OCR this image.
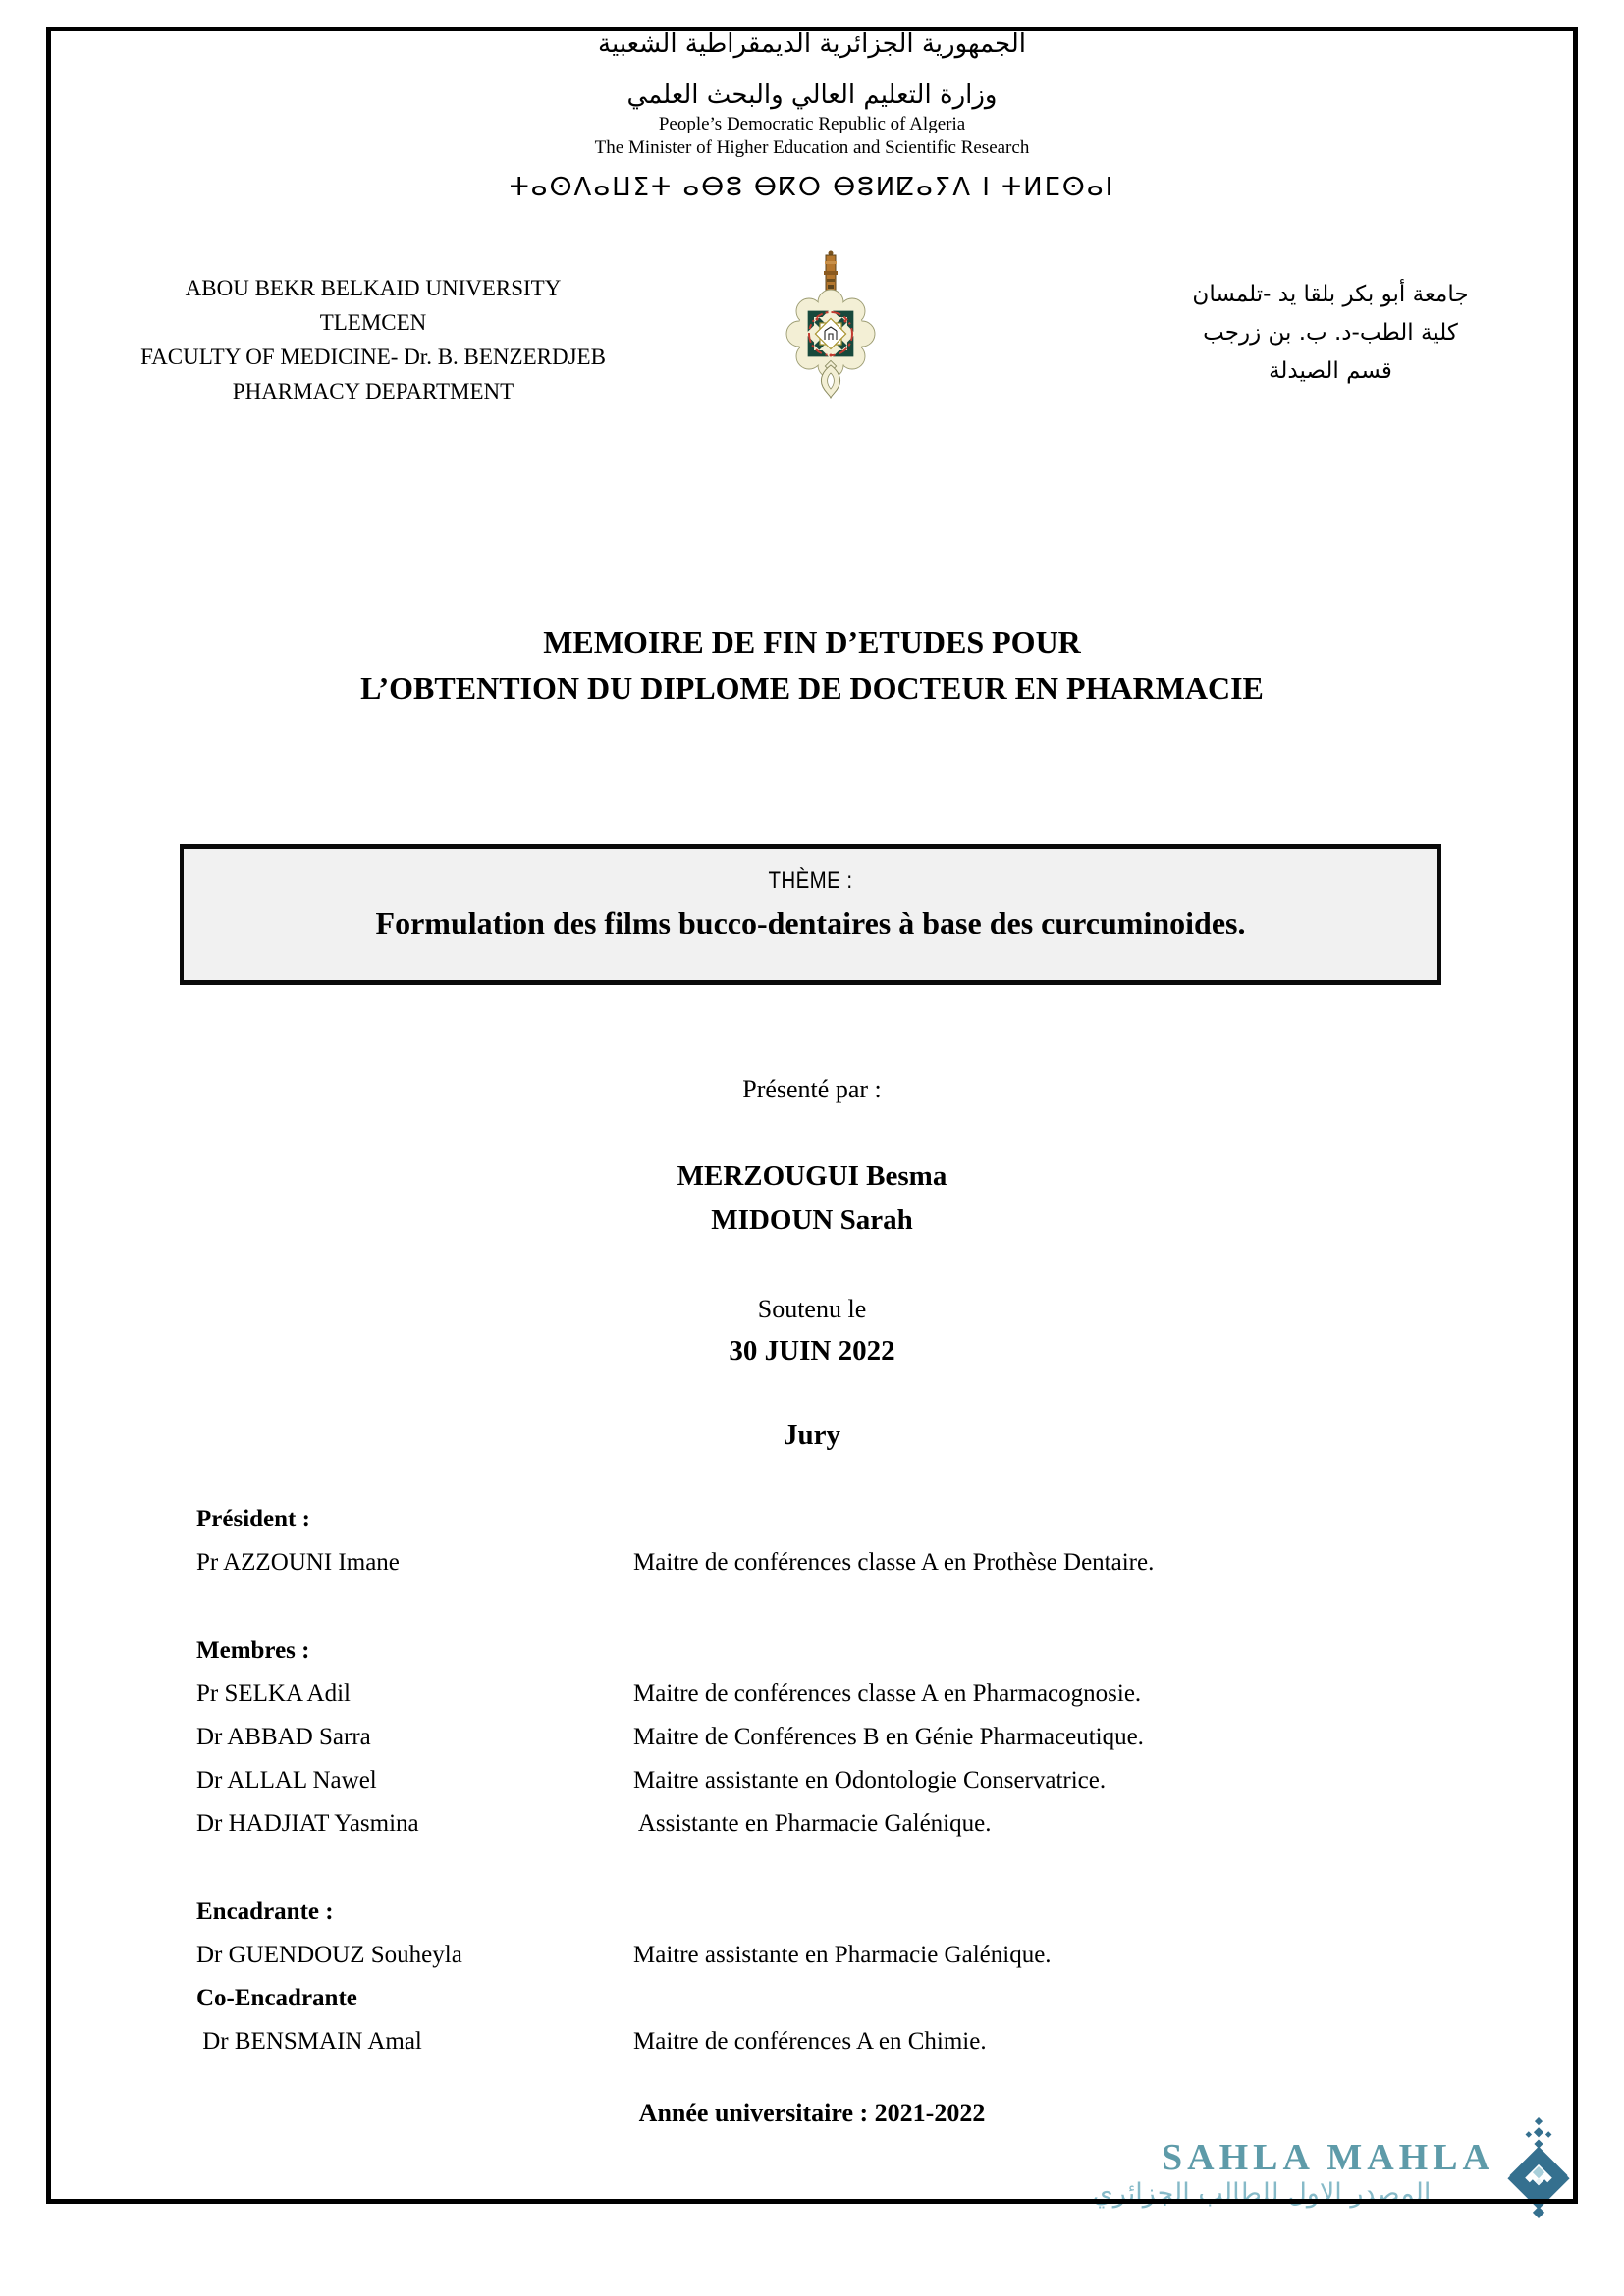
الجمهورية الجزائرية الديمقراطية الشعبية
وزارة التعليم العالي والبحث العلمي
People’s Democratic Republic of Algeria
The Minister of Higher Education and Scientific Research
ⵜⴰⵙⴷⴰⵡⵉⵜ ⴰⴱⵓ ⴱⴽⵔ ⴱⵓⵍⵇⴰⵢⴷ ⵏ ⵜⵍⵎⵙⴰⵏ
ABOU BEKR BELKAID UNIVERSITY
TLEMCEN
FACULTY OF MEDICINE- Dr. B. BENZERDJEB
PHARMACY DEPARTMENT
جامعة أبو بكر بلقا يد -تلمسان
كلية الطب-د. ب. بن زرجب
قسم الصيدلة
MEMOIRE DE FIN D’ETUDES POUR
L’OBTENTION DU DIPLOME DE DOCTEUR EN PHARMACIE
THÈME :
Formulation des films bucco-dentaires à base des curcuminoides.
Présenté par :
MERZOUGUI Besma
MIDOUN Sarah
Soutenu le
30 JUIN 2022
Jury
Président :
Pr AZZOUNI Imane	Maitre de conférences classe A en Prothèse Dentaire.
Membres :
Pr SELKA Adil	Maitre de conférences classe A en Pharmacognosie.
Dr ABBAD Sarra	Maitre de Conférences B en Génie Pharmaceutique.
Dr ALLAL Nawel	Maitre assistante en Odontologie Conservatrice.
Dr HADJIAT Yasmina	Assistante en Pharmacie Galénique.
Encadrante :
Dr GUENDOUZ Souheyla	Maitre assistante en Pharmacie Galénique.
Co-Encadrante
Dr BENSMAIN Amal	Maitre de conférences A en Chimie.
Année universitaire : 2021-2022
SAHLA MAHLA
المصدر الاول للطالب الجزائري
